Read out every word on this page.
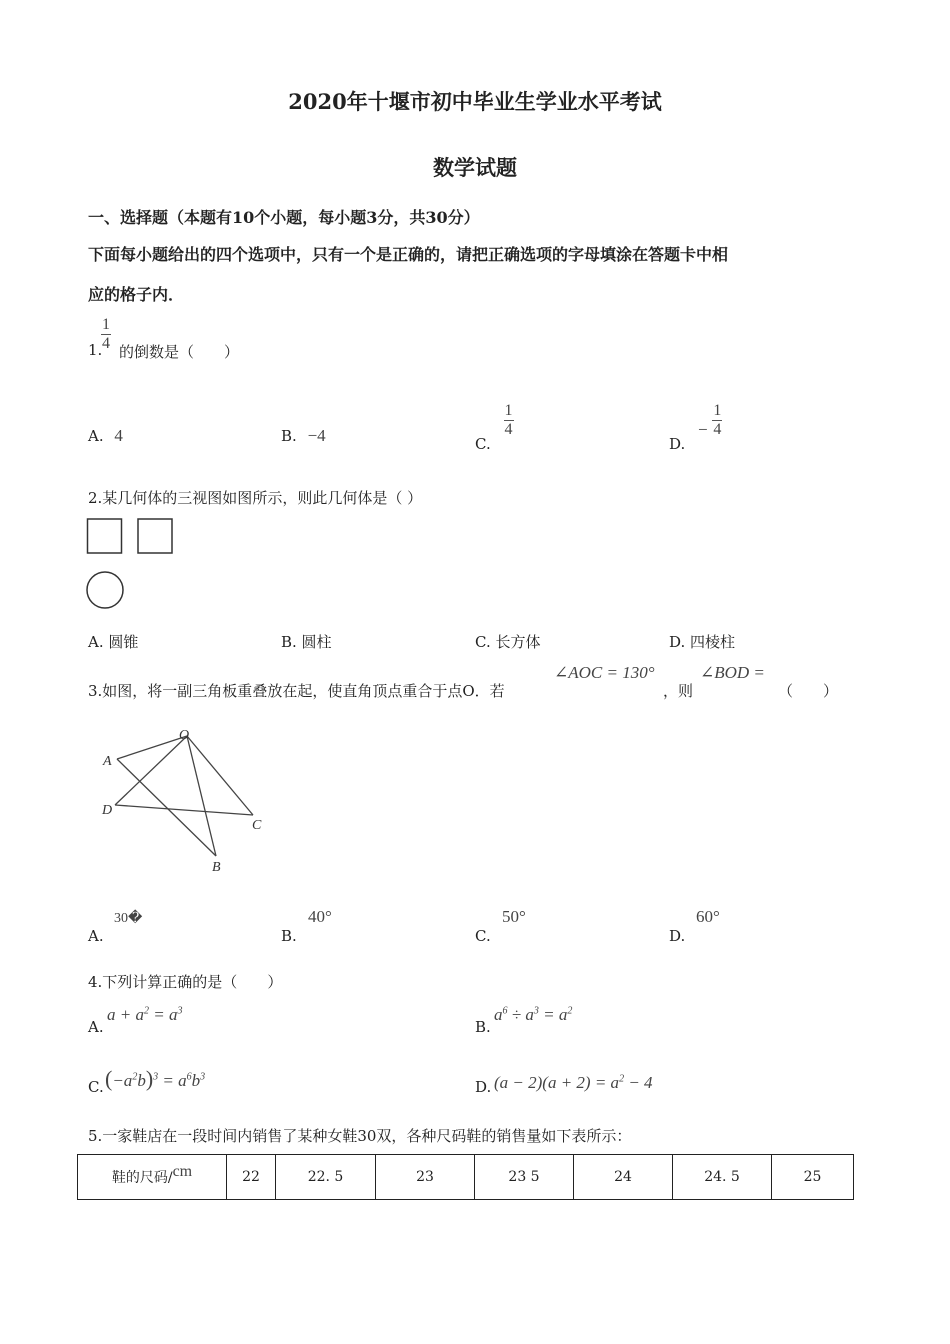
2020年十堰市初中毕业生学业水平考试
数学试题
一、选择题（本题有10个小题，每小题3分，共30分）
下面每小题给出的四个选项中，只有一个是正确的，请把正确选项的字母填涂在答题卡中相
应的格子内．
1.
$\frac{1}{4}$ 的倒数是（　　）
A. 4	B. −4	C.
$\frac{1}{4}$
D. − $\frac{1}{4}$
2.某几何体的三视图如图所示，则此几何体是（ ）
A. 圆锥	B. 圆柱	C. 长方体	D. 四棱柱
3.如图，将一副三角板重叠放在起，使直角顶点重合于点O．若
∠AOC = 130°
，则
∠BOD =
（　　）
O
A
D
C
B
A.
30�
B.
40°
C.
50°
D.
60°
4.下列计算正确的是（　　）
A.
$a + a^2 = a^3$
B.
$a^6 \div a^3 = a^2$
C. $(-a^2b)^3 = a^6b^3$
D. $(a - 2)(a + 2) = a^2 - 4$
5.一家鞋店在一段时间内销售了某种女鞋30双，各种尺码鞋的销售量如下表所示：
鞋的尺码/cm	22	22. 5	23	23 5	24	24. 5	25
